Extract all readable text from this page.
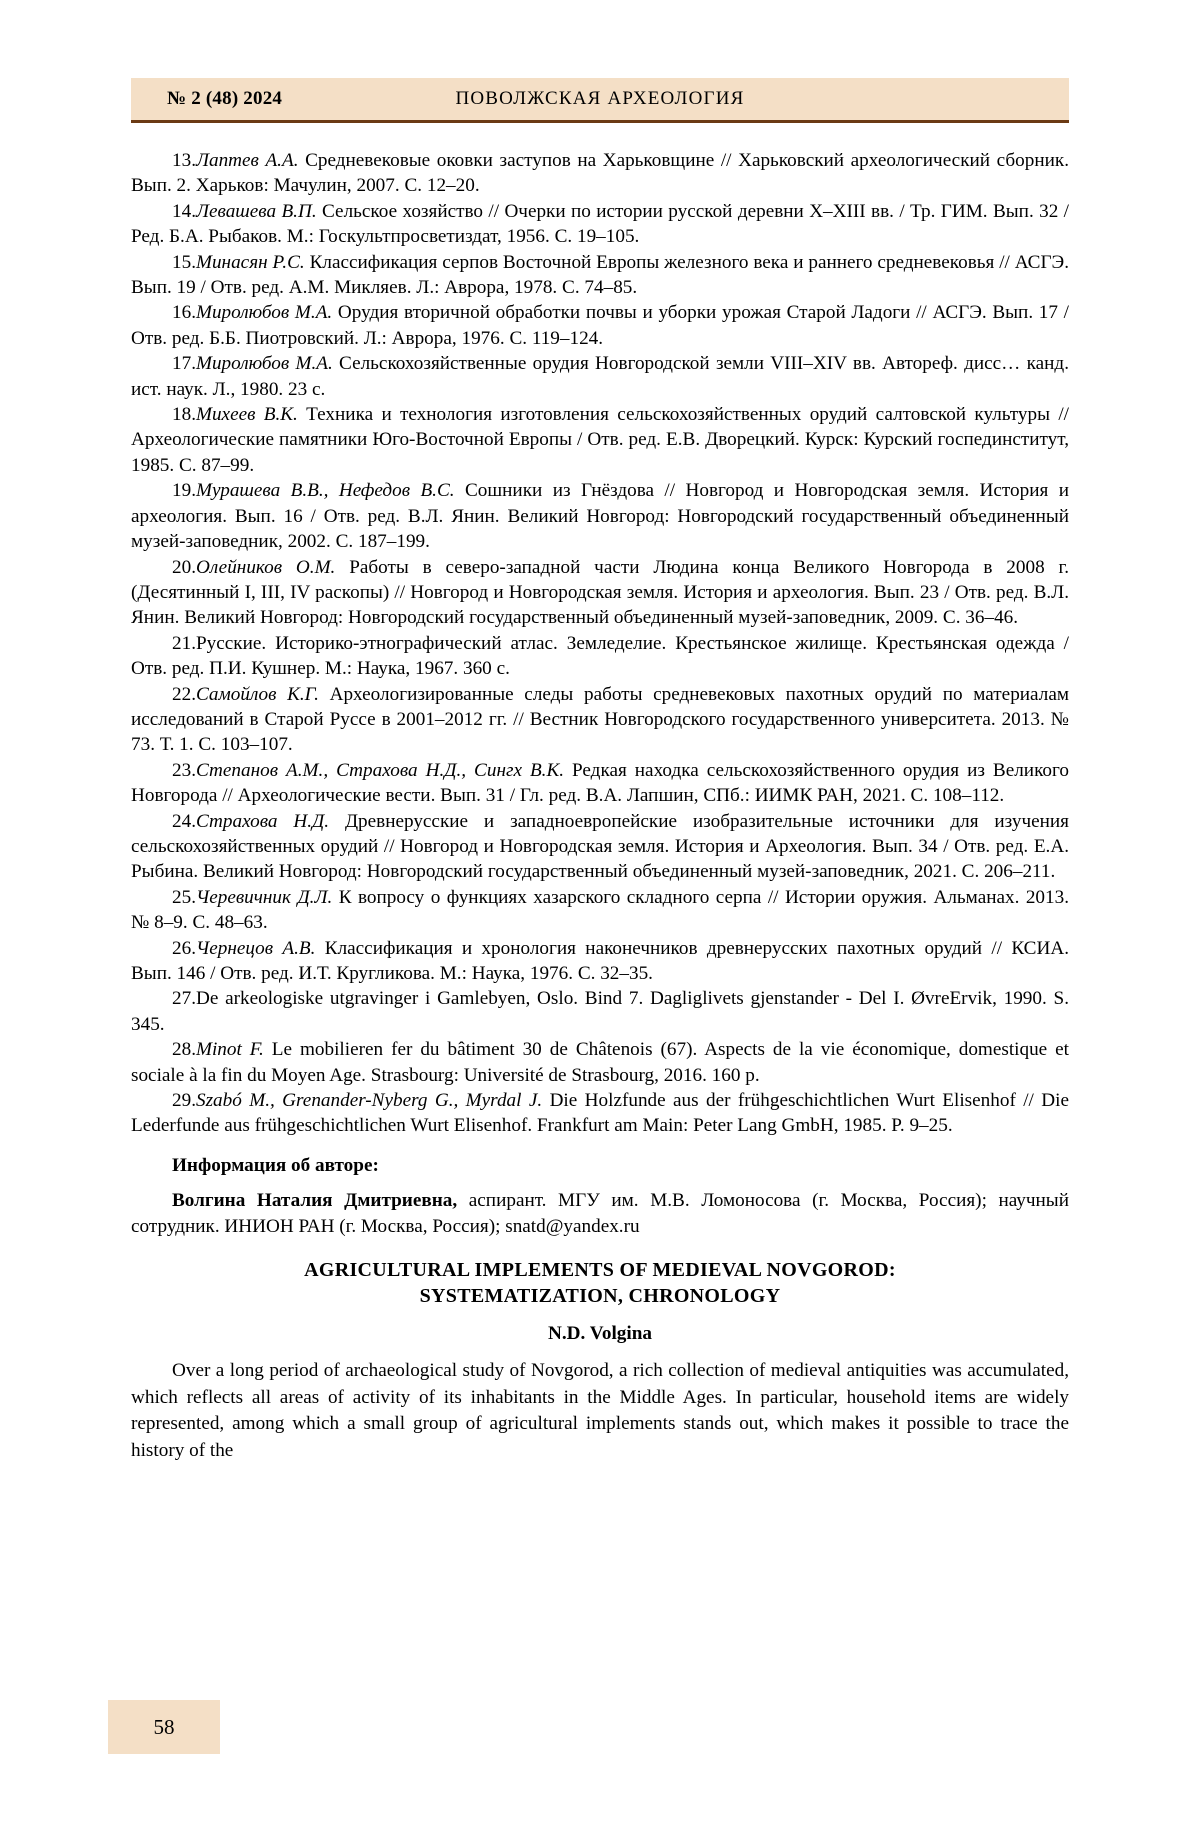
ПОВОЛЖСКАЯ АРХЕОЛОГИЯ
№ 2 (48) 2024

13.Лаптев А.А. Средневековые оковки заступов на Харьковщине // Харьковский археологический сборник. Вып. 2. Харьков: Мачулин, 2007. С. 12–20.

14.Левашева В.П. Сельское хозяйство // Очерки по истории русской деревни X–XIII вв. / Тр. ГИМ. Вып. 32 / Ред. Б.А. Рыбаков. М.: Госкультпросветиздат, 1956. С. 19–105.

15.Минасян Р.С. Классификация серпов Восточной Европы железного века и раннего средневековья // АСГЭ. Вып. 19 / Отв. ред. А.М. Микляев. Л.: Аврора, 1978. С. 74–85.

16.Миролюбов М.А. Орудия вторичной обработки почвы и уборки урожая Старой Ладоги // АСГЭ. Вып. 17 / Отв. ред. Б.Б. Пиотровский. Л.: Аврора, 1976. С. 119–124.

17.Миролюбов М.А. Сельскохозяйственные орудия Новгородской земли VIII–XIV вв. Автореф. дисс… канд. ист. наук. Л., 1980. 23 с.

18.Михеев В.К. Техника и технология изготовления сельскохозяйственных орудий салтовской культуры // Археологические памятники Юго-Восточной Европы / Отв. ред. Е.В. Дворецкий. Курск: Курский госпединститут, 1985. С. 87–99.

19.Мурашева В.В., Нефедов В.С. Сошники из Гнёздова // Новгород и Новгородская земля. История и археология. Вып. 16 / Отв. ред. В.Л. Янин. Великий Новгород: Новгородский государственный объединенный музей-заповедник, 2002. С. 187–199.

20.Олейников О.М. Работы в северо-западной части Людина конца Великого Новгорода в 2008 г. (Десятинный I, III, IV раскопы) // Новгород и Новгородская земля. История и археология. Вып. 23 / Отв. ред. В.Л. Янин. Великий Новгород: Новгородский государственный объединенный музей-заповедник, 2009. С. 36–46.

21.Русские. Историко-этнографический атлас. Земледелие. Крестьянское жилище. Крестьянская одежда / Отв. ред. П.И. Кушнер. М.: Наука, 1967. 360 с.

22.Самойлов К.Г. Археологизированные следы работы средневековых пахотных орудий по материалам исследований в Старой Руссе в 2001–2012 гг. // Вестник Новгородского государственного университета. 2013. № 73. Т. 1. С. 103–107.

23.Степанов А.М., Страхова Н.Д., Сингх В.К. Редкая находка сельскохозяйственного орудия из Великого Новгорода // Археологические вести. Вып. 31 / Гл. ред. В.А. Лапшин, СПб.: ИИМК РАН, 2021. С. 108–112.

24.Страхова Н.Д. Древнерусские и западноевропейские изобразительные источники для изучения сельскохозяйственных орудий // Новгород и Новгородская земля. История и Археология. Вып. 34 / Отв. ред. Е.А. Рыбина. Великий Новгород: Новгородский государственный объединенный музей-заповедник, 2021. С. 206–211.

25.Черевичник Д.Л. К вопросу о функциях хазарского складного серпа // Истории оружия. Альманах. 2013. № 8–9. С. 48–63.

26.Чернецов А.В. Классификация и хронология наконечников древнерусских пахотных орудий // КСИА. Вып. 146 / Отв. ред. И.Т. Кругликова. М.: Наука, 1976. С. 32–35.

27.De arkeologiske utgravinger i Gamlebyen, Oslo. Bind 7. Dagliglivets gjenstander - Del I. ØvreErvik, 1990. S. 345.

28.Minot F. Le mobilieren fer du bâtiment 30 de Châtenois (67). Aspects de la vie économique, domestique et sociale à la fin du Moyen Age. Strasbourg: Université de Strasbourg, 2016. 160 p.

29.Szabó M., Grenander-Nyberg G., Myrdal J. Die Holzfunde aus der frühgeschichtlichen Wurt Elisenhof // Die Lederfunde aus frühgeschichtlichen Wurt Elisenhof. Frankfurt am Main: Peter Lang GmbH, 1985. P. 9–25.

Информация об авторе:

Волгина Наталия Дмитриевна, аспирант. МГУ им. М.В. Ломоносова (г. Москва, Россия); научный сотрудник. ИНИОН РАН (г. Москва, Россия); snatd@yandex.ru

AGRICULTURAL IMPLEMENTS OF MEDIEVAL NOVGOROD:
SYSTEMATIZATION, CHRONOLOGY

N.D. Volgina

Over a long period of archaeological study of Novgorod, a rich collection of medieval antiquities was accumulated, which reflects all areas of activity of its inhabitants in the Middle Ages. In particular, household items are widely represented, among which a small group of agricultural implements stands out, which makes it possible to trace the history of the

58
